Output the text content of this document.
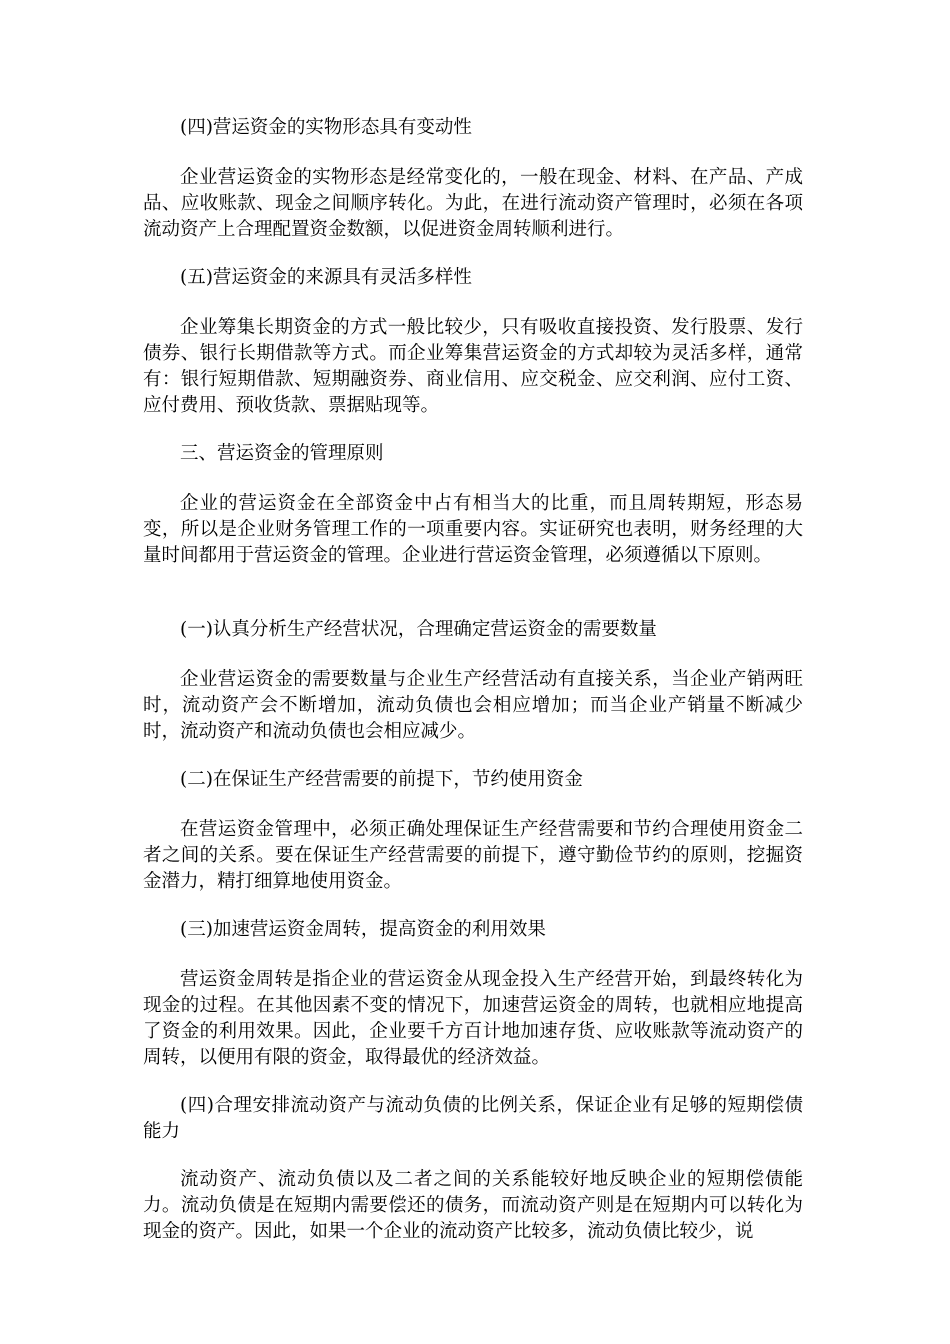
(四)营运资金的实物形态具有变动性

企业营运资金的实物形态是经常变化的，一般在现金、材料、在产品、产成品、应收账款、现金之间顺序转化。为此，在进行流动资产管理时，必须在各项流动资产上合理配置资金数额，以促进资金周转顺利进行。

(五)营运资金的来源具有灵活多样性

企业筹集长期资金的方式一般比较少，只有吸收直接投资、发行股票、发行债券、银行长期借款等方式。而企业筹集营运资金的方式却较为灵活多样，通常有：银行短期借款、短期融资券、商业信用、应交税金、应交利润、应付工资、应付费用、预收货款、票据贴现等。

三、营运资金的管理原则

企业的营运资金在全部资金中占有相当大的比重，而且周转期短，形态易变，所以是企业财务管理工作的一项重要内容。实证研究也表明，财务经理的大量时间都用于营运资金的管理。企业进行营运资金管理，必须遵循以下原则。

(一)认真分析生产经营状况，合理确定营运资金的需要数量

企业营运资金的需要数量与企业生产经营活动有直接关系，当企业产销两旺时，流动资产会不断增加，流动负债也会相应增加；而当企业产销量不断减少时，流动资产和流动负债也会相应减少。

(二)在保证生产经营需要的前提下，节约使用资金

在营运资金管理中，必须正确处理保证生产经营需要和节约合理使用资金二者之间的关系。要在保证生产经营需要的前提下，遵守勤俭节约的原则，挖掘资金潜力，精打细算地使用资金。

(三)加速营运资金周转，提高资金的利用效果

营运资金周转是指企业的营运资金从现金投入生产经营开始，到最终转化为现金的过程。在其他因素不变的情况下，加速营运资金的周转，也就相应地提高了资金的利用效果。因此，企业要千方百计地加速存货、应收账款等流动资产的周转，以便用有限的资金，取得最优的经济效益。

(四)合理安排流动资产与流动负债的比例关系，保证企业有足够的短期偿债能力

流动资产、流动负债以及二者之间的关系能较好地反映企业的短期偿债能力。流动负债是在短期内需要偿还的债务，而流动资产则是在短期内可以转化为现金的资产。因此，如果一个企业的流动资产比较多，流动负债比较少，说
